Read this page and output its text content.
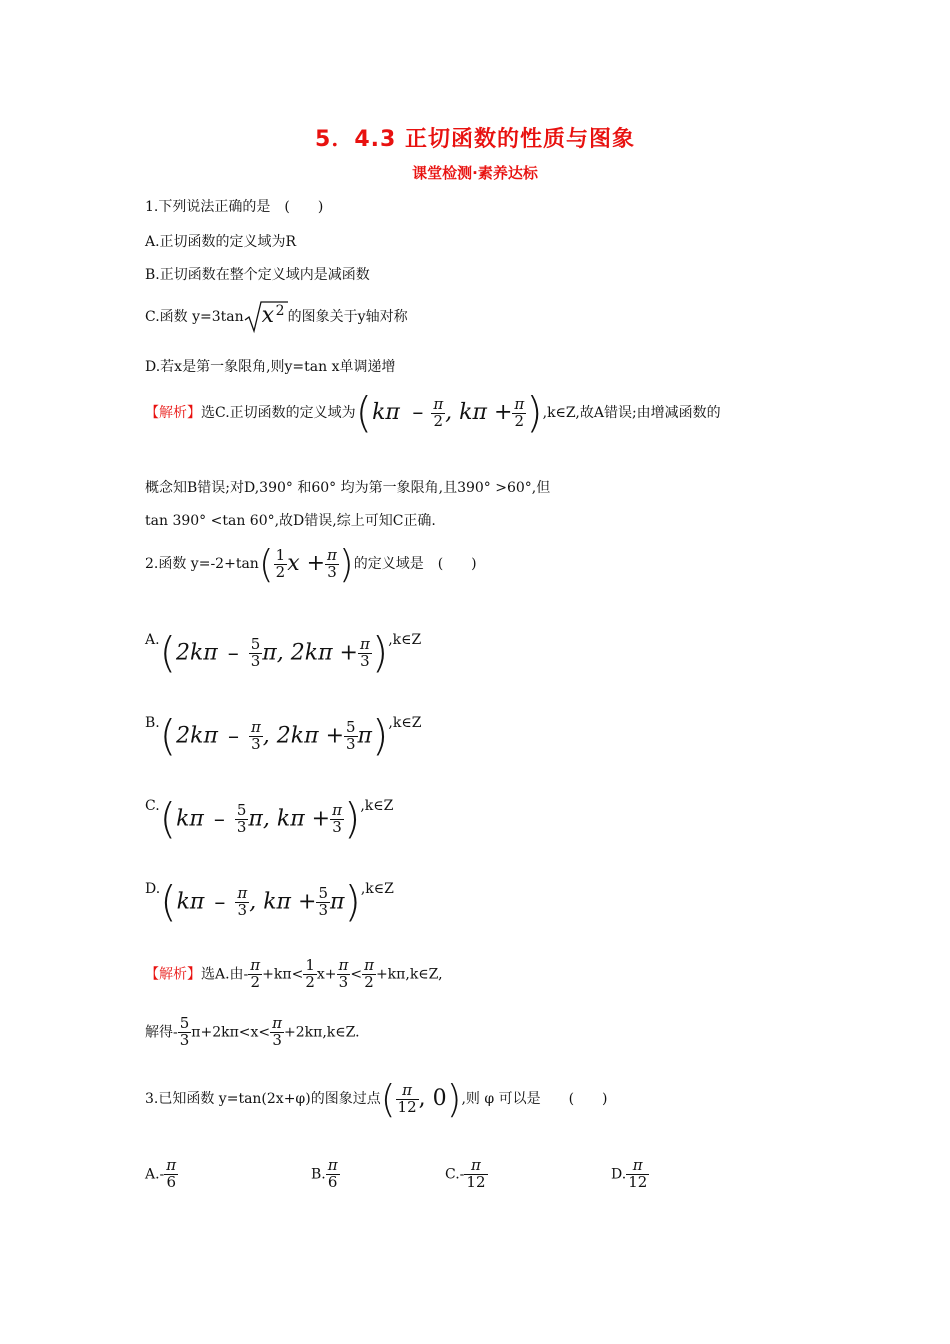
5．4.3 正切函数的性质与图象
课堂检测·素养达标
1.下列说法正确的是　(　　)
A.正切函数的定义域为R
B.正切函数在整个定义域内是减函数
C.函数 y=3tan x 2 的图象关于y轴对称
D.若x是第一象限角,则y=tan x单调递增
【解析】选C.正切函数的定义域为($k\pi - \frac{\pi}{2}$ , $k\pi + \frac{\pi}{2}$ ),k∈Z,故A错误;由增减函数的
概念知B错误;对D,390° 和60° 均为第一象限角,且390° >60°,但
tan 390° <tan 60°,故D错误,综上可知C正确.
2.函数 $y=-2+\tan( \frac{1}{2}$ $x + \frac{\pi}{3}$ )的定义域是　(　　)
$A.(2k\pi - \frac{5}{3} \pi$, $2k\pi + \frac{\pi}{3}$ ),k∈Z
$B.(2k\pi - \frac{\pi}{3}$ , $2k\pi + \frac{5}{3}$ π),k∈Z
$C.(k\pi - \frac{5}{3} \pi$, $k\pi + \frac{\pi}{3}$ ),k∈Z
$D.(k\pi - \frac{\pi}{3}$ , $k\pi + \frac{5}{3}$ π),k∈Z
【解析】选A.由- $\frac{\pi}{2} +k\pi< \frac{1}{2} x+ \frac{\pi}{3} < \frac{\pi}{2}$ +kπ,k∈Z,
解得- $\frac{5}{3} \pi+2k\pi<x< \frac{\pi}{3}$ +2kπ,k∈Z.
3.已知函数 y=tan(2x+φ)的图象过点( $\frac{\pi}{12}$ , 0),则 φ 可以是　　(　　)
$A.- \frac{\pi}{6}$	B. $\frac{\pi}{6}$	$C.- \frac{\pi}{12}$	D. $\frac{\pi}{12}$
